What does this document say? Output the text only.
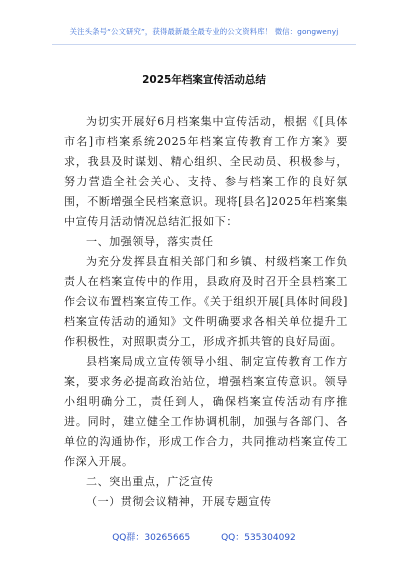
关注头条号“公文研究”，获得最新最全最专业的公文资料库！ 微信：gongwenyj
2025年档案宣传活动总结

为切实开展好6月档案集中宣传活动，根据《[具体市名]市档案系统2025年档案宣传教育工作方案》要求，我县及时谋划、精心组织、全民动员、积极参与，努力营造全社会关心、支持、参与档案工作的良好氛围，不断增强全民档案意识。现将[县名]2025年档案集中宣传月活动情况总结汇报如下：

一、加强领导，落实责任

为充分发挥县直相关部门和乡镇、村级档案工作负责人在档案宣传中的作用，县政府及时召开全县档案工作会议布置档案宣传工作。《关于组织开展[具体时间段]档案宣传活动的通知》文件明确要求各相关单位提升工作积极性，对照职责分工，形成齐抓共管的良好局面。

县档案局成立宣传领导小组、制定宣传教育工作方案，要求务必提高政治站位，增强档案宣传意识。领导小组明确分工，责任到人，确保档案宣传活动有序推进。同时，建立健全工作协调机制，加强与各部门、各单位的沟通协作，形成工作合力，共同推动档案宣传工作深入开展。

二、突出重点，广泛宣传

（一）贯彻会议精神，开展专题宣传

QQ群：30265665	QQ：535304092
